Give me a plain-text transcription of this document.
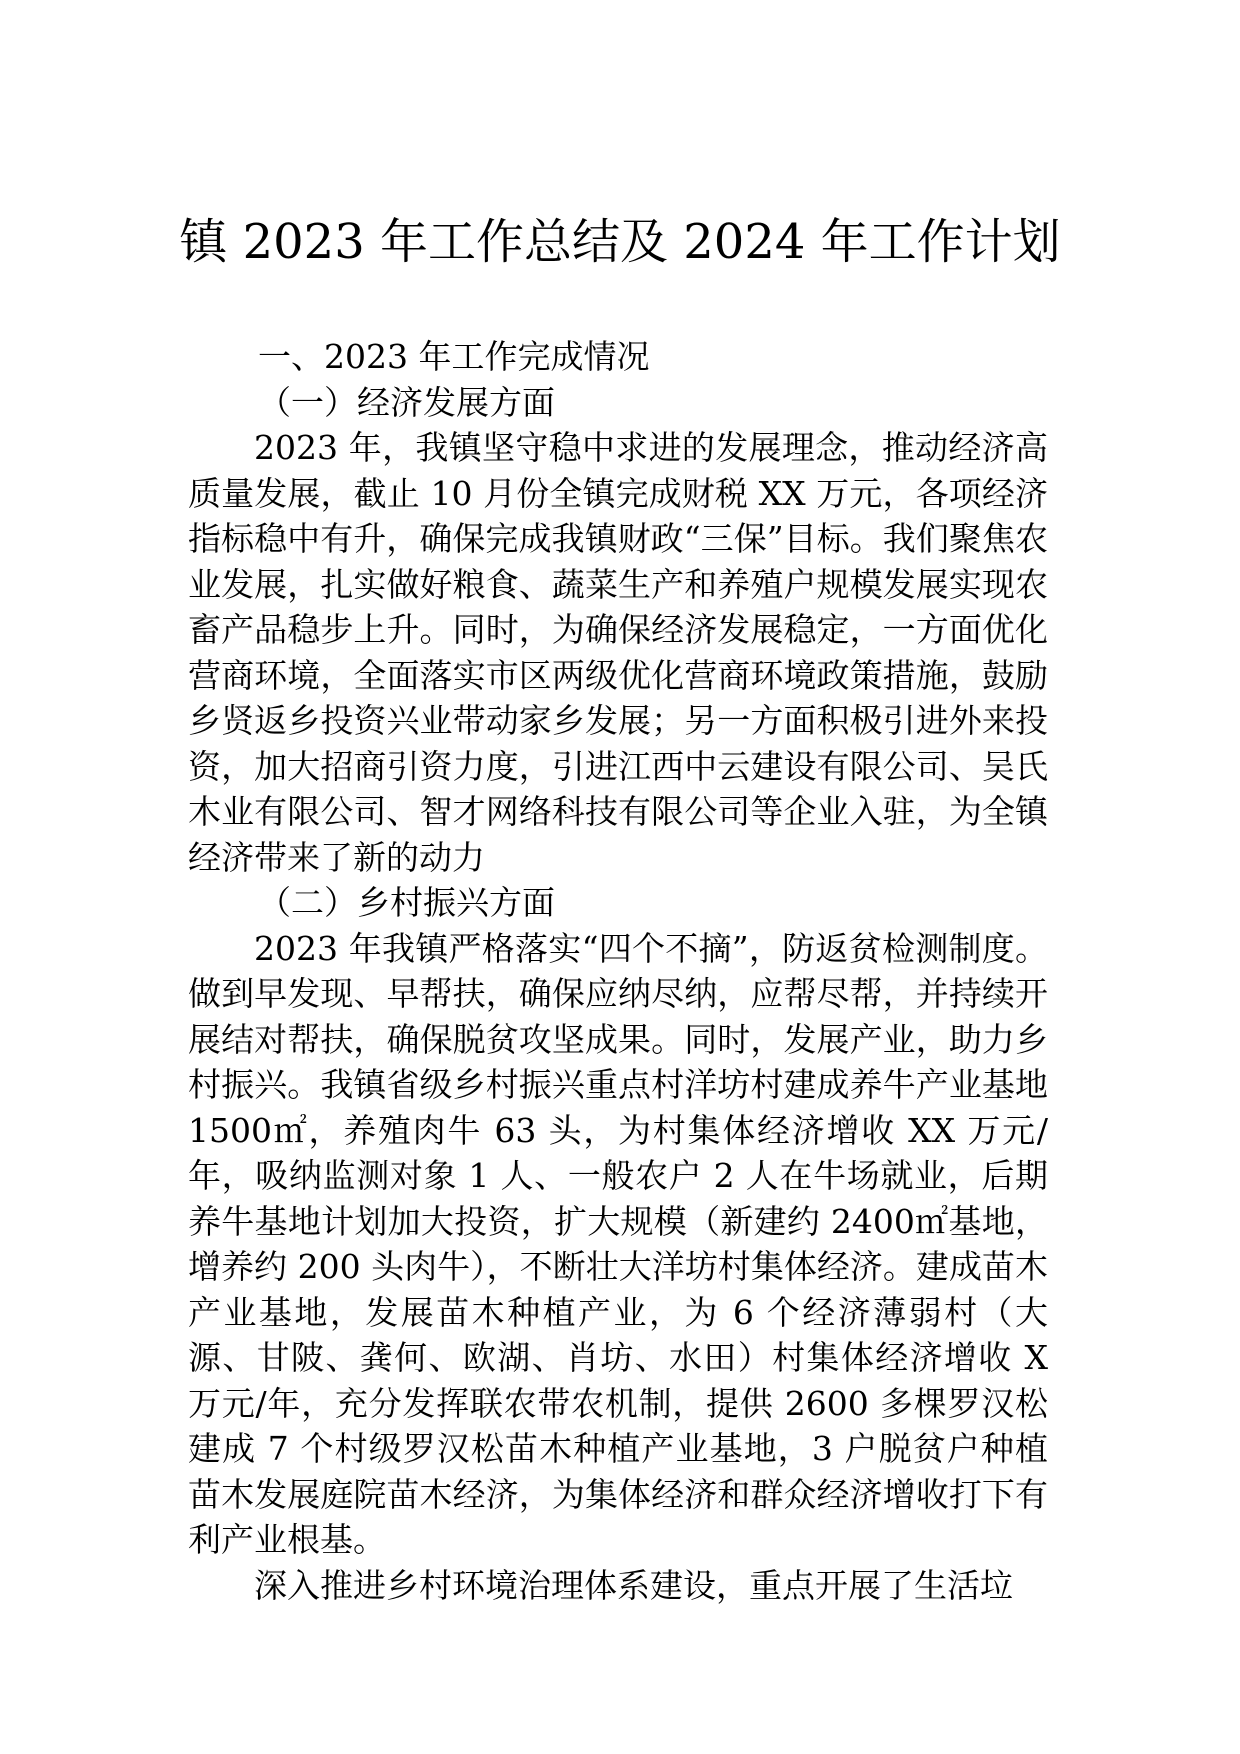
镇 2023 年工作总结及 2024 年工作计划

一、2023 年工作完成情况

（一）经济发展方面

2023 年，我镇坚守稳中求进的发展理念，推动经济高质量发展，截止 10 月份全镇完成财税 XX 万元，各项经济指标稳中有升，确保完成我镇财政“三保”目标。我们聚焦农业发展，扎实做好粮食、蔬菜生产和养殖户规模发展实现农畜产品稳步上升。同时，为确保经济发展稳定，一方面优化营商环境，全面落实市区两级优化营商环境政策措施，鼓励乡贤返乡投资兴业带动家乡发展；另一方面积极引进外来投资，加大招商引资力度，引进江西中云建设有限公司、吴氏木业有限公司、智才网络科技有限公司等企业入驻，为全镇经济带来了新的动力

（二）乡村振兴方面

2023 年我镇严格落实“四个不摘”，防返贫检测制度。做到早发现、早帮扶，确保应纳尽纳，应帮尽帮，并持续开展结对帮扶，确保脱贫攻坚成果。同时，发展产业，助力乡村振兴。我镇省级乡村振兴重点村洋坊村建成养牛产业基地 1500㎡，养殖肉牛 63 头，为村集体经济增收 XX 万元/年，吸纳监测对象 1 人、一般农户 2 人在牛场就业，后期养牛基地计划加大投资，扩大规模（新建约 2400㎡基地，增养约 200 头肉牛），不断壮大洋坊村集体经济。建成苗木产业基地，发展苗木种植产业，为 6 个经济薄弱村（大源、甘陂、龚何、欧湖、肖坊、水田）村集体经济增收 X 万元/年，充分发挥联农带农机制，提供 2600 多棵罗汉松建成 7 个村级罗汉松苗木种植产业基地，3 户脱贫户种植苗木发展庭院苗木经济，为集体经济和群众经济增收打下有利产业根基。

深入推进乡村环境治理体系建设，重点开展了生活垃
